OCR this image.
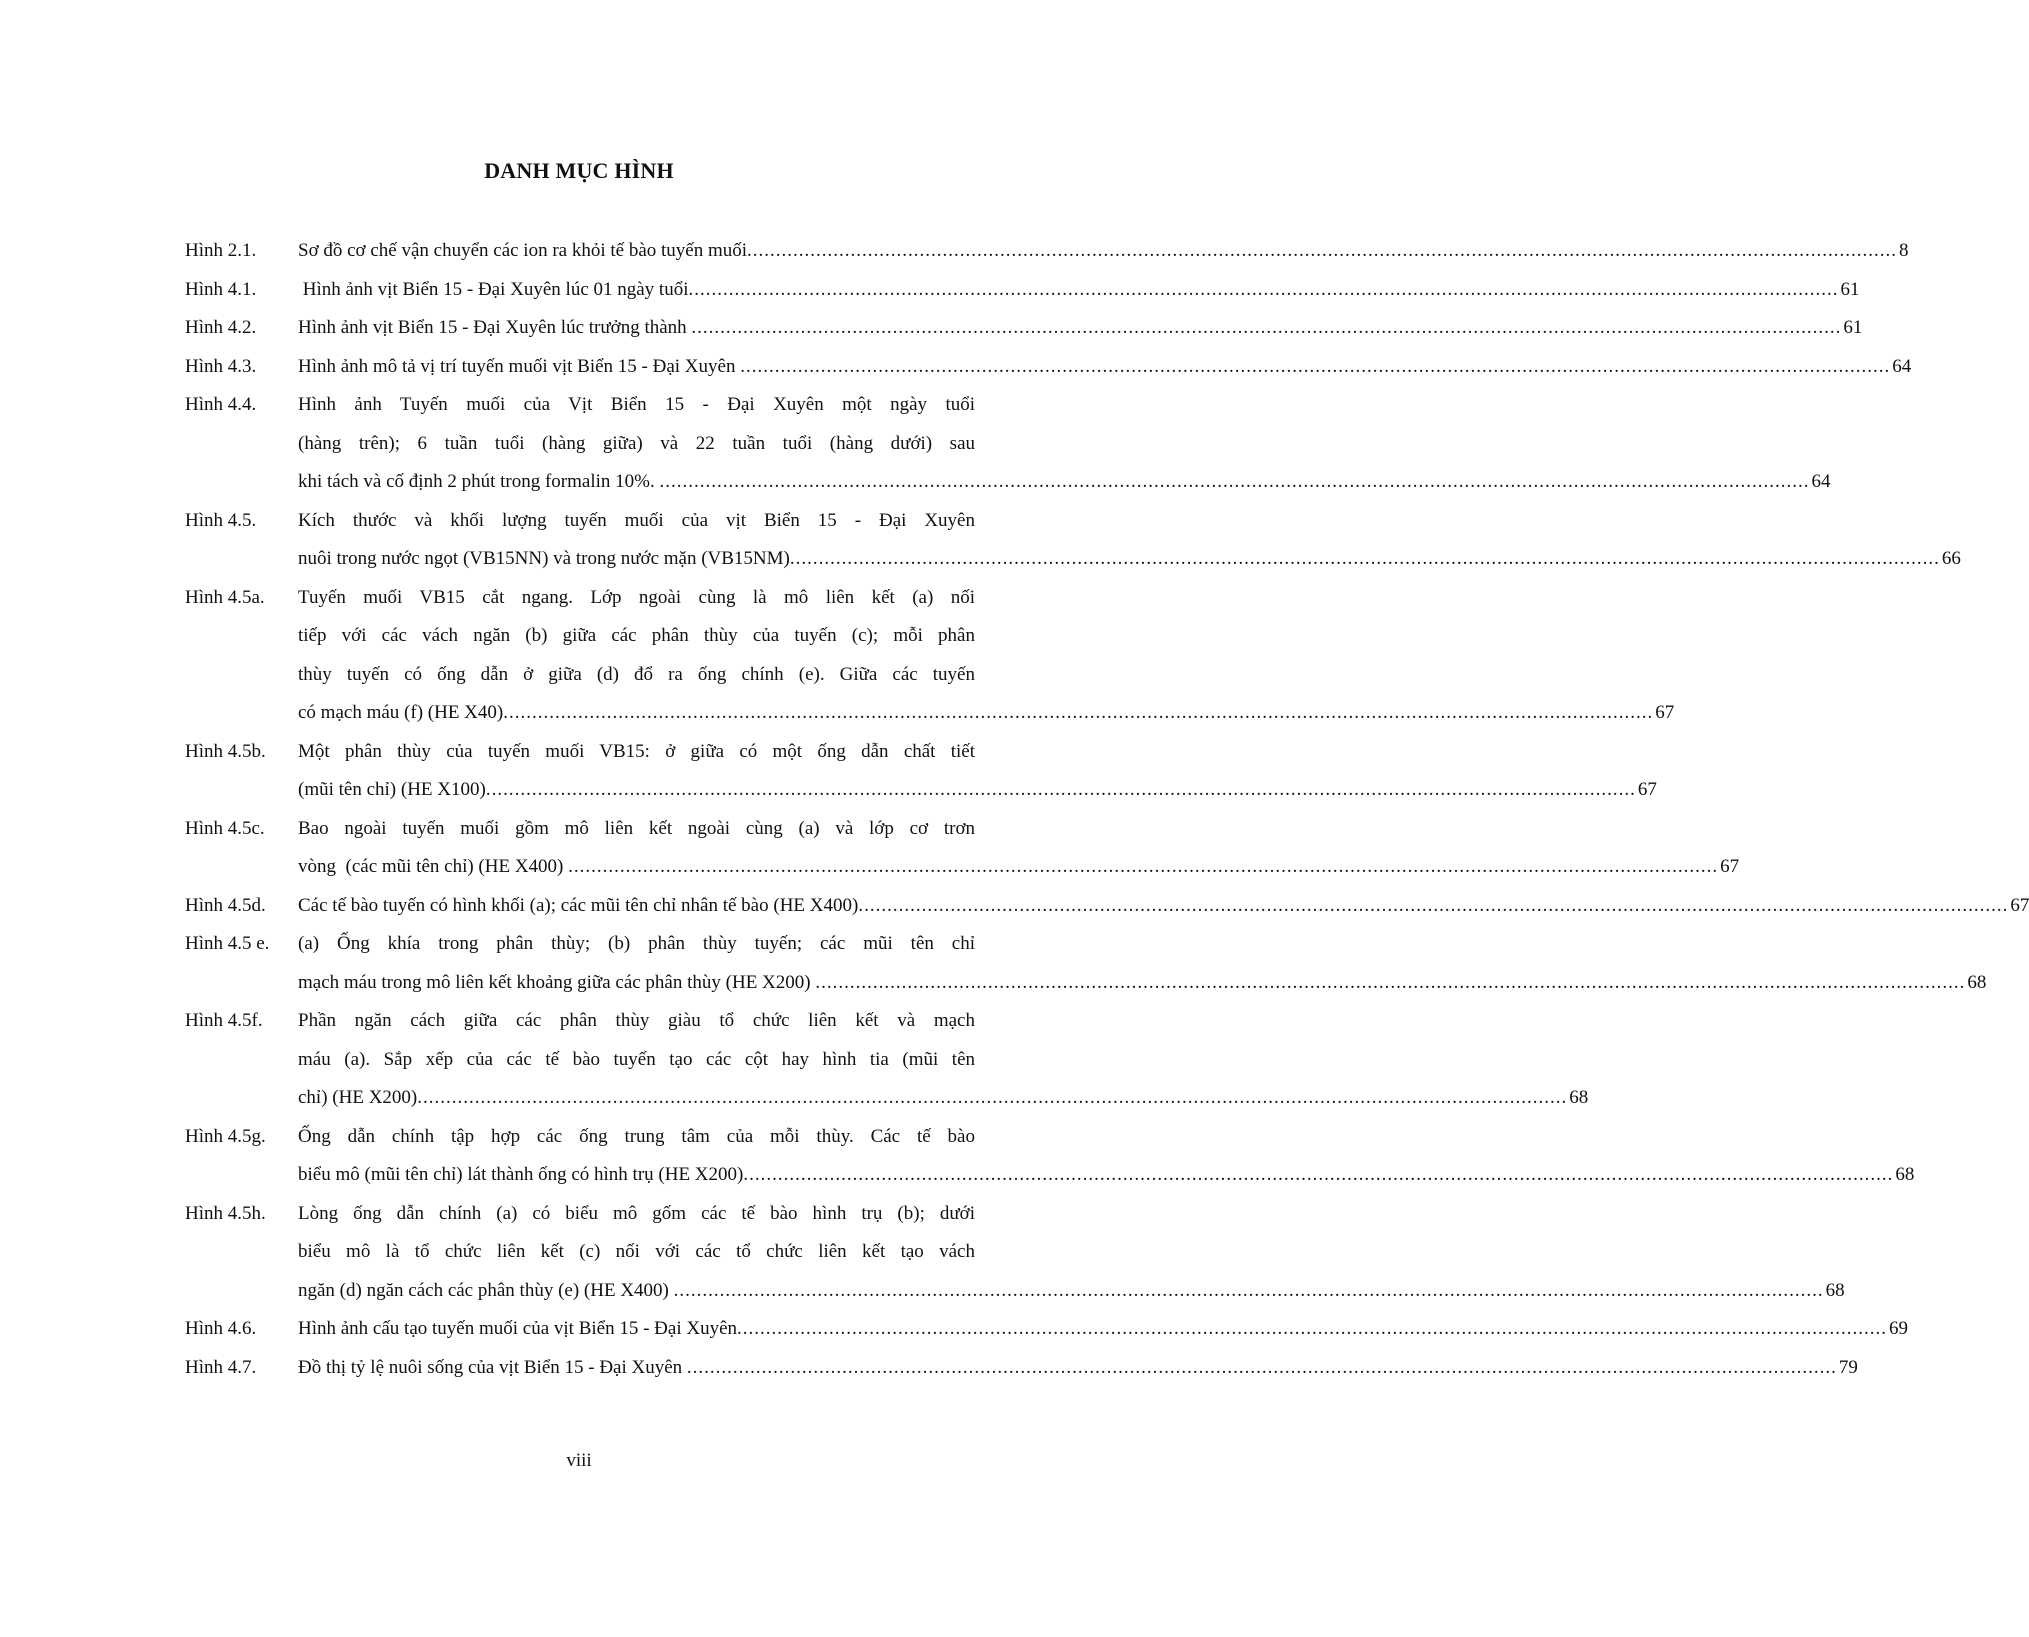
DANH MỤC HÌNH
Hình 2.1.	Sơ đồ cơ chế vận chuyển các ion ra khỏi tế bào tuyến muối ........................................................................................................................................................................................................ 8
Hình 4.1.	Hình ảnh vịt Biển 15 - Đại Xuyên lúc 01 ngày tuổi ........................................................................................................................................................................................................ 61
Hình 4.2.	Hình ảnh vịt Biển 15 - Đại Xuyên lúc trưởng thành ........................................................................................................................................................................................................ 61
Hình 4.3.	Hình ảnh mô tả vị trí tuyến muối vịt Biển 15 - Đại Xuyên ........................................................................................................................................................................................................ 64
Hình 4.4.	Hình ảnh Tuyến muối của Vịt Biển 15 - Đại Xuyên một ngày tuổi
(hàng trên); 6 tuần tuổi (hàng giữa) và 22 tuần tuổi (hàng dưới) sau
khi tách và cố định 2 phút trong formalin 10%. ........................................................................................................................................................................................................ 64
Hình 4.5.	Kích thước và khối lượng tuyến muối của vịt Biển 15 - Đại Xuyên
nuôi trong nước ngọt (VB15NN) và trong nước mặn (VB15NM) ........................................................................................................................................................................................................ 66
Hình 4.5a.	Tuyến muối VB15 cắt ngang. Lớp ngoài cùng là mô liên kết (a) nối
tiếp với các vách ngăn (b) giữa các phân thùy của tuyến (c); mỗi phân
thùy tuyến có ống dẫn ở giữa (d) đổ ra ống chính (e). Giữa các tuyến
có mạch máu (f) (HE X40) ........................................................................................................................................................................................................ 67
Hình 4.5b.	Một phân thùy của tuyến muối VB15: ở giữa có một ống dẫn chất tiết
(mũi tên chỉ) (HE X100) ........................................................................................................................................................................................................ 67
Hình 4.5c.	Bao ngoài tuyến muối gồm mô liên kết ngoài cùng (a) và lớp cơ trơn
vòng  (các mũi tên chỉ) (HE X400) ........................................................................................................................................................................................................ 67
Hình 4.5d.	Các tế bào tuyến có hình khối (a); các mũi tên chỉ nhân tế bào (HE X400) ........................................................................................................................................................................................................ 67
Hình 4.5 e.	(a) Ống khía trong phân thùy; (b) phân thùy tuyến; các mũi tên chỉ
mạch máu trong mô liên kết khoảng giữa các phân thùy (HE X200) ........................................................................................................................................................................................................ 68
Hình 4.5f.	Phần ngăn cách giữa các phân thùy giàu tổ chức liên kết và mạch
máu (a). Sắp xếp của các tế bào tuyến tạo các cột hay hình tia (mũi tên
chỉ) (HE X200) ........................................................................................................................................................................................................ 68
Hình 4.5g.	Ống dẫn chính tập hợp các ống trung tâm của mỗi thùy. Các tế bào
biểu mô (mũi tên chỉ) lát thành ống có hình trụ (HE X200) ........................................................................................................................................................................................................ 68
Hình 4.5h.	Lòng ống dẫn chính (a) có biểu mô gốm các tế bào hình trụ (b); dưới
biểu mô là tổ chức liên kết (c) nối với các tổ chức liên kết tạo vách
ngăn (d) ngăn cách các phân thùy (e) (HE X400) ........................................................................................................................................................................................................ 68
Hình 4.6.	Hình ảnh cấu tạo tuyến muối của vịt Biển 15 - Đại Xuyên ........................................................................................................................................................................................................ 69
Hình 4.7.	Đồ thị tỷ lệ nuôi sống của vịt Biển 15 - Đại Xuyên ........................................................................................................................................................................................................ 79
viii
